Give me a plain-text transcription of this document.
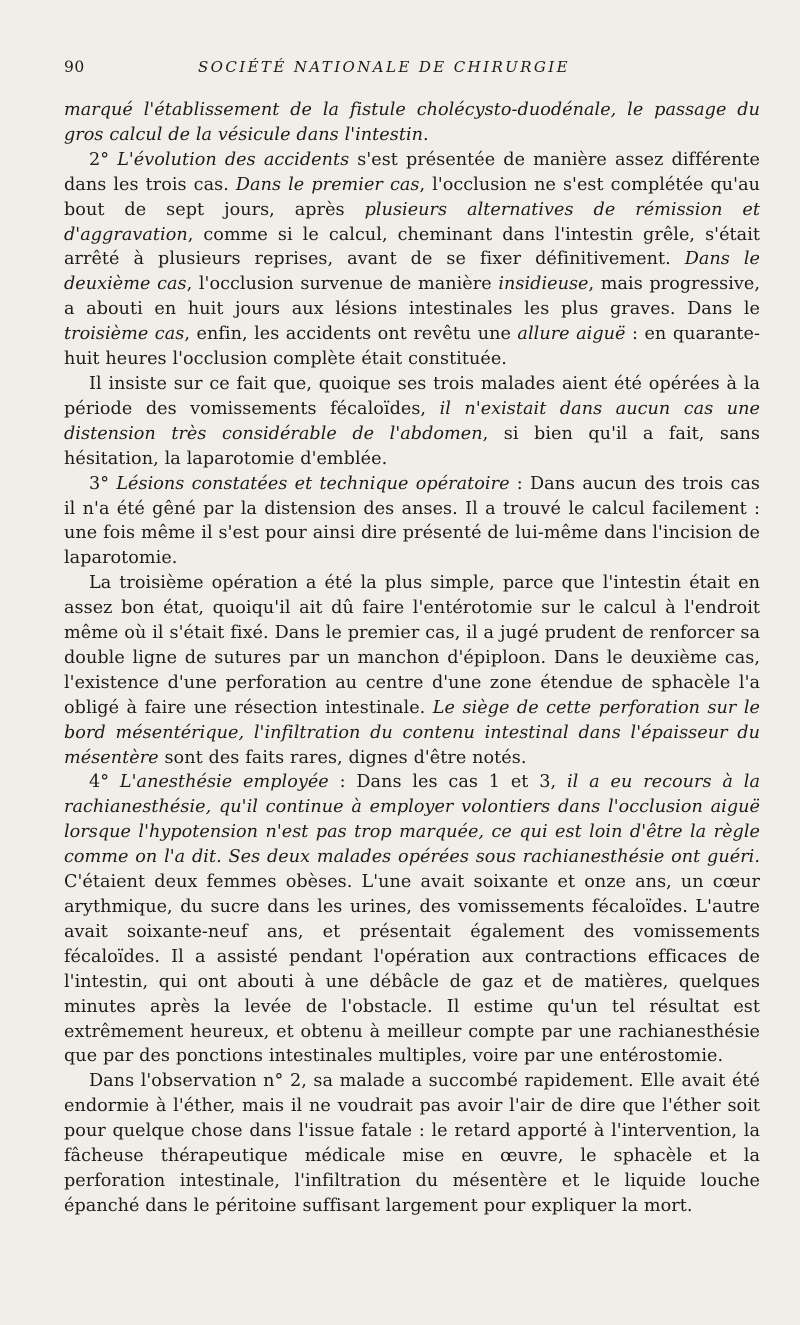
90	SOCIÉTÉ NATIONALE DE CHIRURGIE

marqué l'établissement de la fistule cholécysto-duodénale, le passage du gros calcul de la vésicule dans l'intestin.

2° L'évolution des accidents s'est présentée de manière assez différente dans les trois cas. Dans le premier cas, l'occlusion ne s'est complétée qu'au bout de sept jours, après plusieurs alternatives de rémission et d'aggravation, comme si le calcul, cheminant dans l'intestin grêle, s'était arrêté à plusieurs reprises, avant de se fixer définitivement. Dans le deuxième cas, l'occlusion survenue de manière insidieuse, mais progressive, a abouti en huit jours aux lésions intestinales les plus graves. Dans le troisième cas, enfin, les accidents ont revêtu une allure aiguë : en quarante-huit heures l'occlusion complète était constituée.

Il insiste sur ce fait que, quoique ses trois malades aient été opérées à la période des vomissements fécaloïdes, il n'existait dans aucun cas une distension très considérable de l'abdomen, si bien qu'il a fait, sans hésitation, la laparotomie d'emblée.

3° Lésions constatées et technique opératoire : Dans aucun des trois cas il n'a été gêné par la distension des anses. Il a trouvé le calcul facilement : une fois même il s'est pour ainsi dire présenté de lui-même dans l'incision de laparotomie.

La troisième opération a été la plus simple, parce que l'intestin était en assez bon état, quoiqu'il ait dû faire l'entérotomie sur le calcul à l'endroit même où il s'était fixé. Dans le premier cas, il a jugé prudent de renforcer sa double ligne de sutures par un manchon d'épiploon. Dans le deuxième cas, l'existence d'une perforation au centre d'une zone étendue de sphacèle l'a obligé à faire une résection intestinale. Le siège de cette perforation sur le bord mésentérique, l'infiltration du contenu intestinal dans l'épaisseur du mésentère sont des faits rares, dignes d'être notés.

4° L'anesthésie employée : Dans les cas 1 et 3, il a eu recours à la rachianesthésie, qu'il continue à employer volontiers dans l'occlusion aiguë lorsque l'hypotension n'est pas trop marquée, ce qui est loin d'être la règle comme on l'a dit. Ses deux malades opérées sous rachianesthésie ont guéri. C'étaient deux femmes obèses. L'une avait soixante et onze ans, un cœur arythmique, du sucre dans les urines, des vomissements fécaloïdes. L'autre avait soixante-neuf ans, et présentait également des vomissements fécaloïdes. Il a assisté pendant l'opération aux contractions efficaces de l'intestin, qui ont abouti à une débâcle de gaz et de matières, quelques minutes après la levée de l'obstacle. Il estime qu'un tel résultat est extrêmement heureux, et obtenu à meilleur compte par une rachianesthésie que par des ponctions intestinales multiples, voire par une entérostomie.

Dans l'observation n° 2, sa malade a succombé rapidement. Elle avait été endormie à l'éther, mais il ne voudrait pas avoir l'air de dire que l'éther soit pour quelque chose dans l'issue fatale : le retard apporté à l'intervention, la fâcheuse thérapeutique médicale mise en œuvre, le sphacèle et la perforation intestinale, l'infiltration du mésentère et le liquide louche épanché dans le péritoine suffisant largement pour expliquer la mort.
